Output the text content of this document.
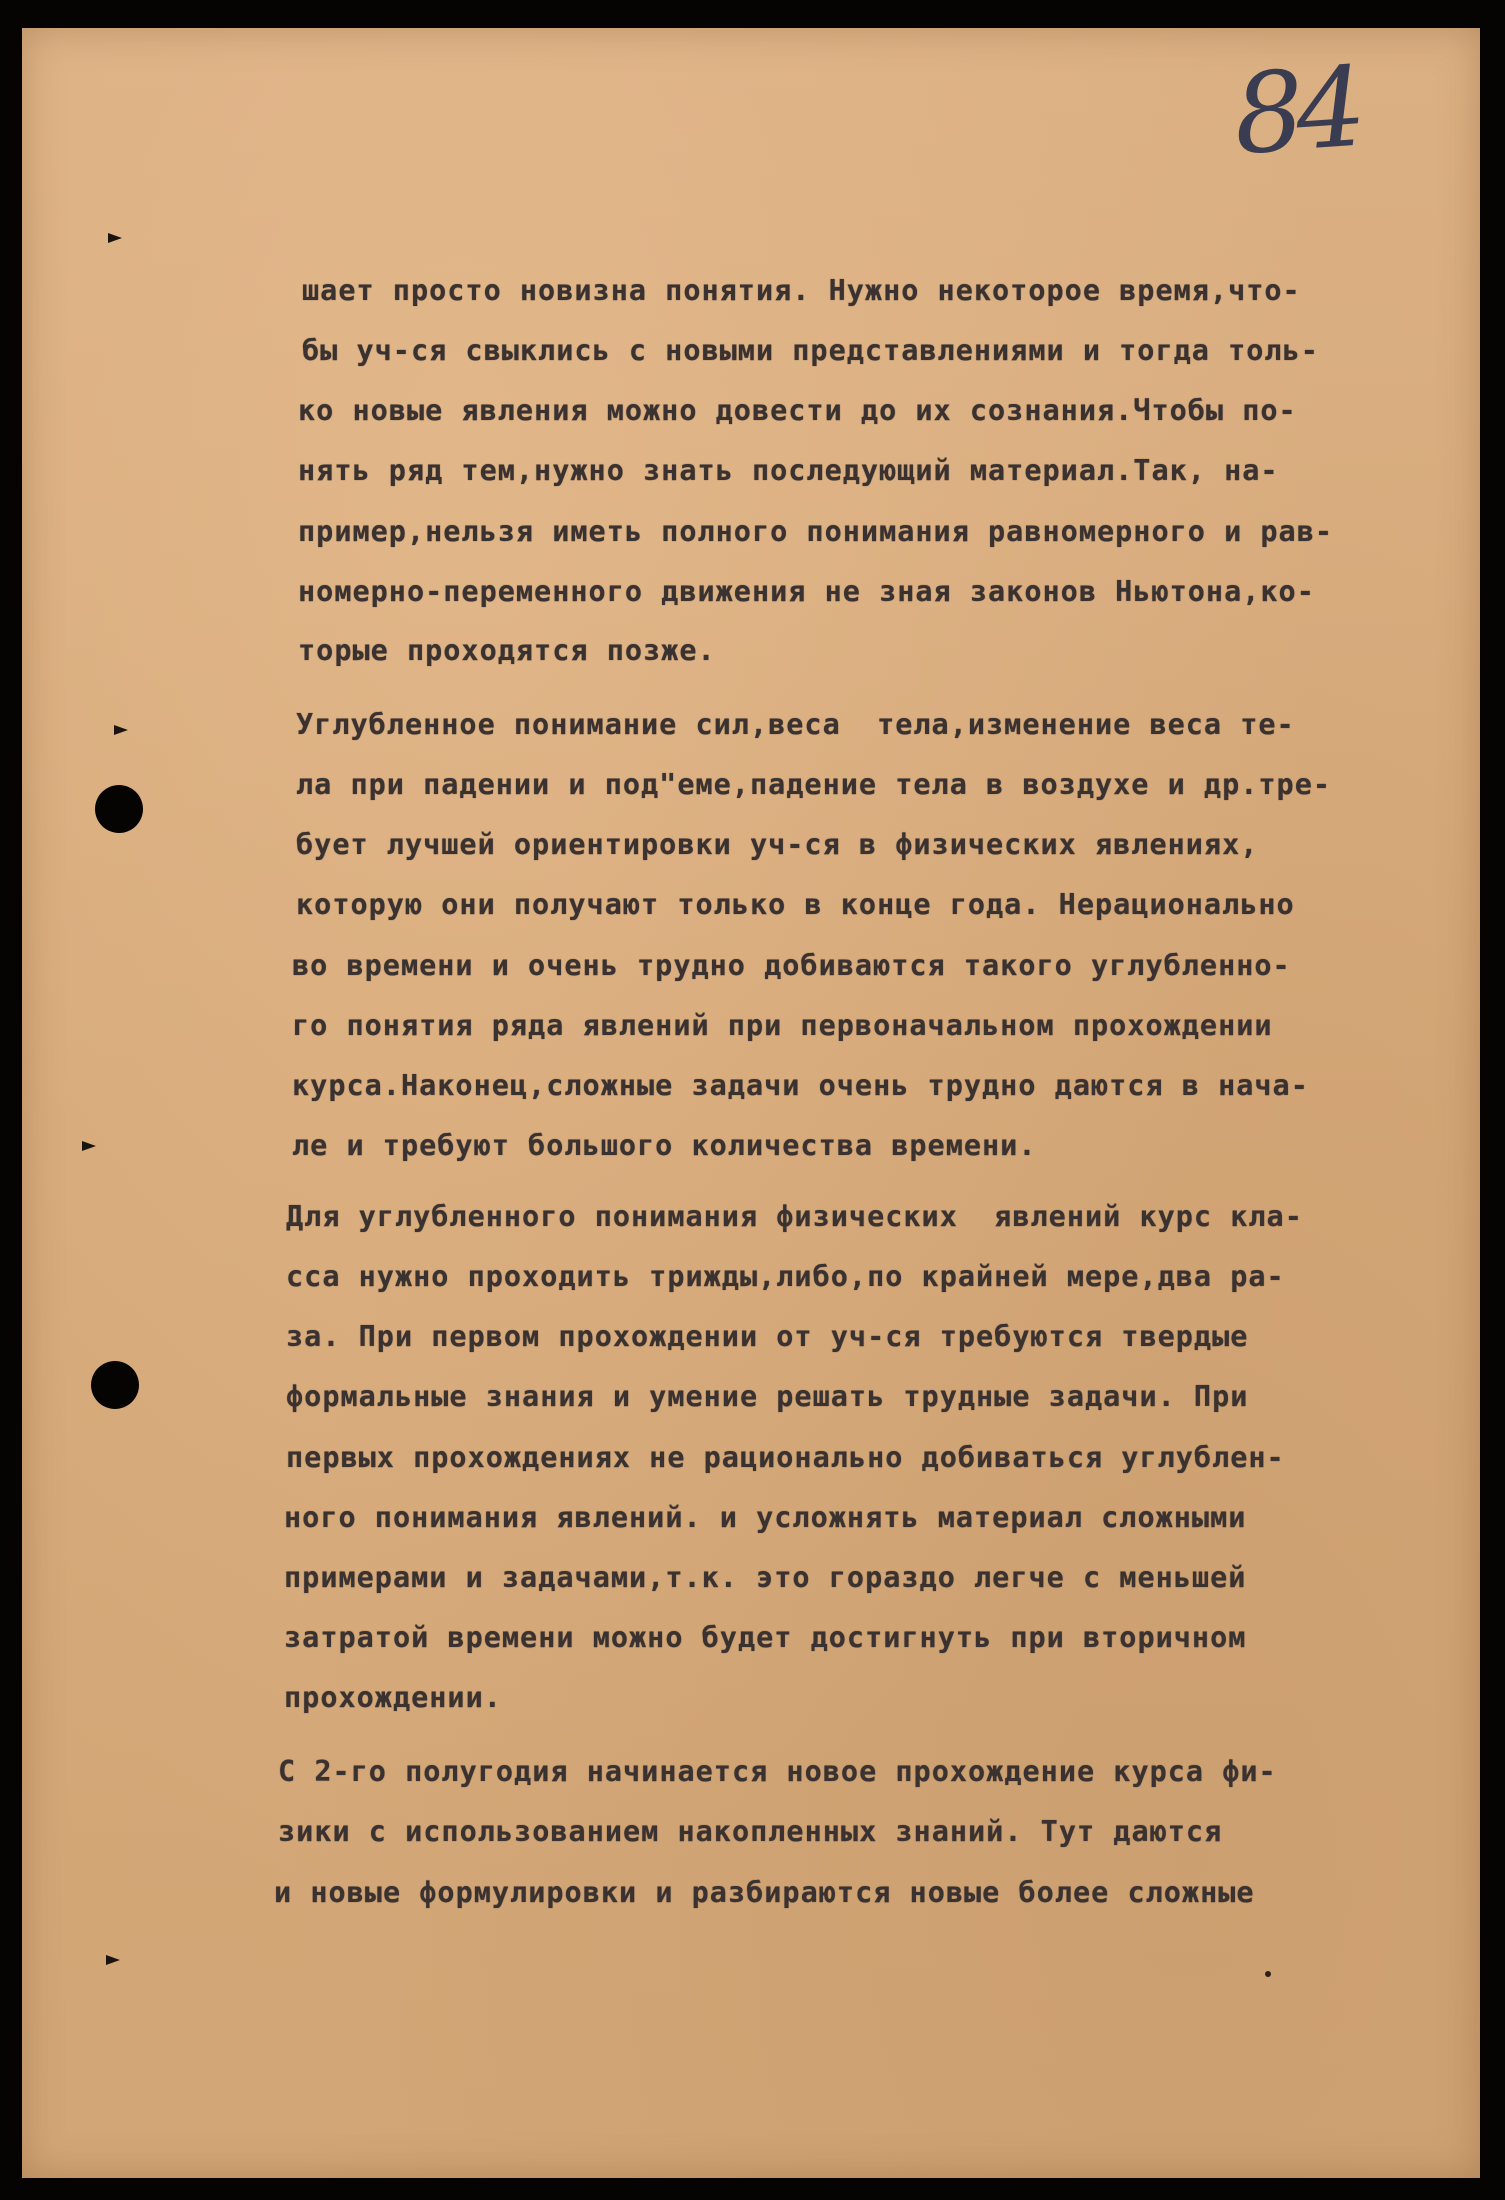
84

шает просто новизна понятия. Нужно некоторое время,что-

бы уч-ся свыклись с новыми представлениями и тогда толь-

ко новые явления можно довести до их сознания.Чтобы по-

нять ряд тем,нужно знать последующий материал.Так, на-

пример,нельзя иметь полного понимания равномерного и рав-

номерно-переменного движения не зная законов Ньютона,ко-

торые проходятся позже.

Углубленное понимание сил,веса  тела,изменение веса те-

ла при падении и под"еме,падение тела в воздухе и др.тре-

бует лучшей ориентировки уч-ся в физических явлениях,

которую они получают только в конце года. Нерационально

во времени и очень трудно добиваются такого углубленно-

го понятия ряда явлений при первоначальном прохождении

курса.Наконец,сложные задачи очень трудно даются в начa-

ле и требуют большого количества времени.

Для углубленного понимания физических  явлений курс кла-

сса нужно проходить трижды,либо,по крайней мере,два ра-

за. При первом прохождении от уч-ся требуются твердые

формальные знания и умение решать трудные задачи. При

первых прохождениях не рационально добиваться углублен-

ного понимания явлений. и усложнять материал сложными

примерами и задачами,т.к. это гораздо легче с меньшей

затратой времени можно будет достигнуть при вторичном

прохождении.

С 2-го полугодия начинается новое прохождение курса фи-

зики с использованием накопленных знаний. Тут даются

и новые формулировки и разбираются новые более сложные
